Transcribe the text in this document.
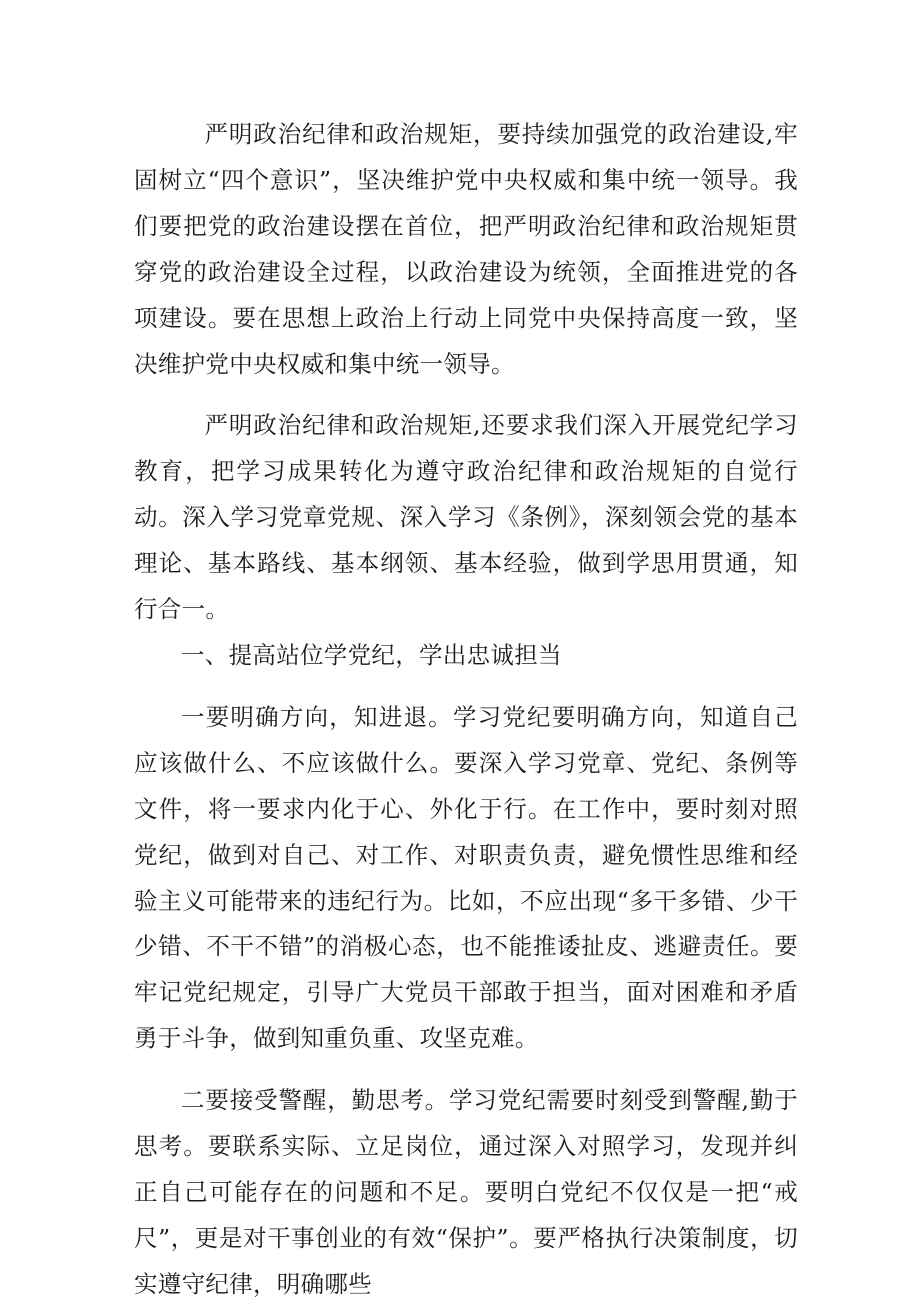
严明政治纪律和政治规矩，要持续加强党的政治建设,牢固树立“四个意识”，坚决维护党中央权威和集中统一领导。我们要把党的政治建设摆在首位，把严明政治纪律和政治规矩贯穿党的政治建设全过程，以政治建设为统领，全面推进党的各项建设。要在思想上政治上行动上同党中央保持高度一致，坚决维护党中央权威和集中统一领导。

严明政治纪律和政治规矩,还要求我们深入开展党纪学习教育，把学习成果转化为遵守政治纪律和政治规矩的自觉行动。深入学习党章党规、深入学习《条例》，深刻领会党的基本理论、基本路线、基本纲领、基本经验，做到学思用贯通，知行合一。

一、提高站位学党纪，学出忠诚担当

一要明确方向，知进退。学习党纪要明确方向，知道自己应该做什么、不应该做什么。要深入学习党章、党纪、条例等文件，将一要求内化于心、外化于行。在工作中，要时刻对照党纪，做到对自己、对工作、对职责负责，避免惯性思维和经验主义可能带来的违纪行为。比如，不应出现“多干多错、少干少错、不干不错”的消极心态，也不能推诿扯皮、逃避责任。要牢记党纪规定，引导广大党员干部敢于担当，面对困难和矛盾勇于斗争，做到知重负重、攻坚克难。

二要接受警醒，勤思考。学习党纪需要时刻受到警醒,勤于思考。要联系实际、立足岗位，通过深入对照学习，发现并纠正自己可能存在的问题和不足。要明白党纪不仅仅是一把“戒尺”，更是对干事创业的有效“保护”。要严格执行决策制度，切实遵守纪律，明确哪些
